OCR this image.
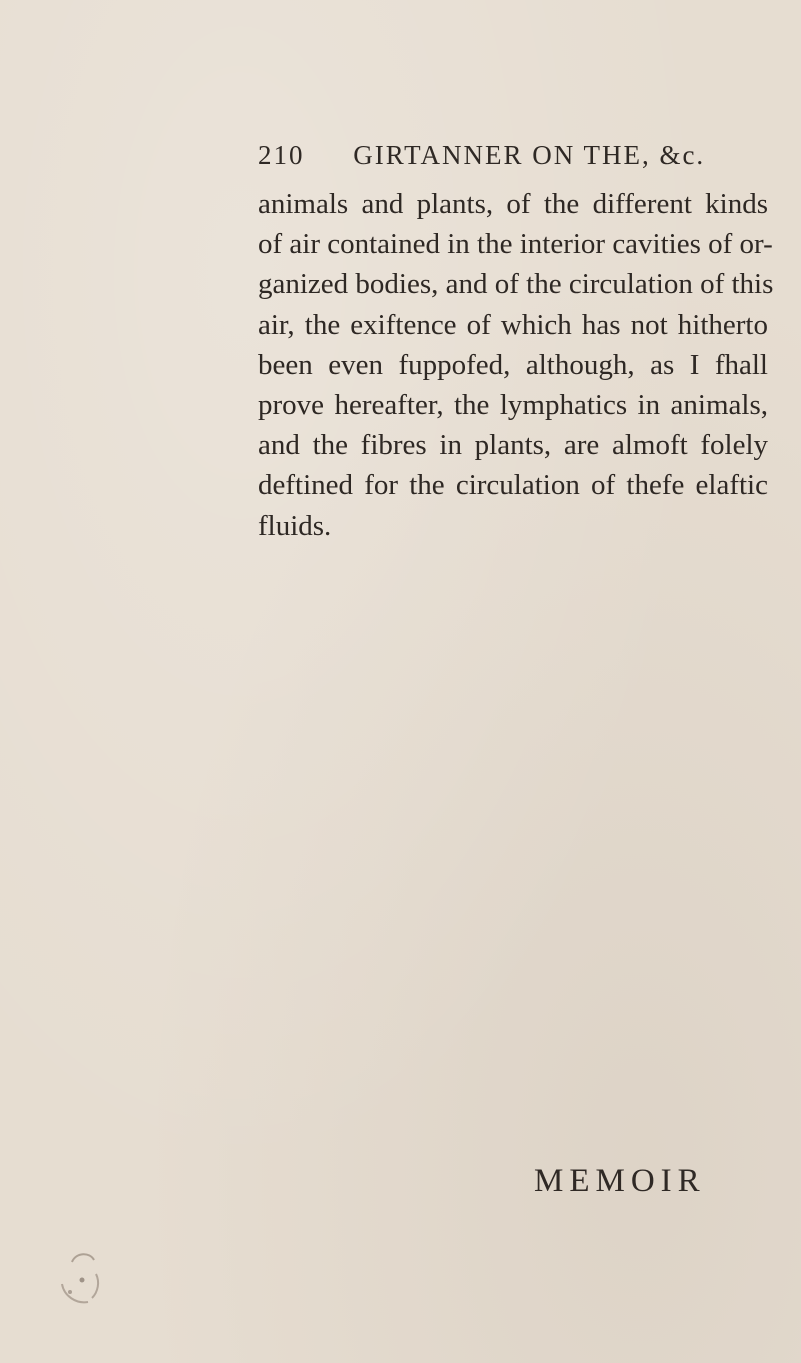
210 GIRTANNER ON THE, &c.
animals and plants, of the different kinds
of air contained in the interior cavities of or-
ganized bodies, and of the circulation of this
air, the exiftence of which has not hitherto
been even fuppofed, although, as I fhall
prove hereafter, the lymphatics in animals,
and the fibres in plants, are almoft folely
deftined for the circulation of thefe elaftic
fluids.
MEMOIR
